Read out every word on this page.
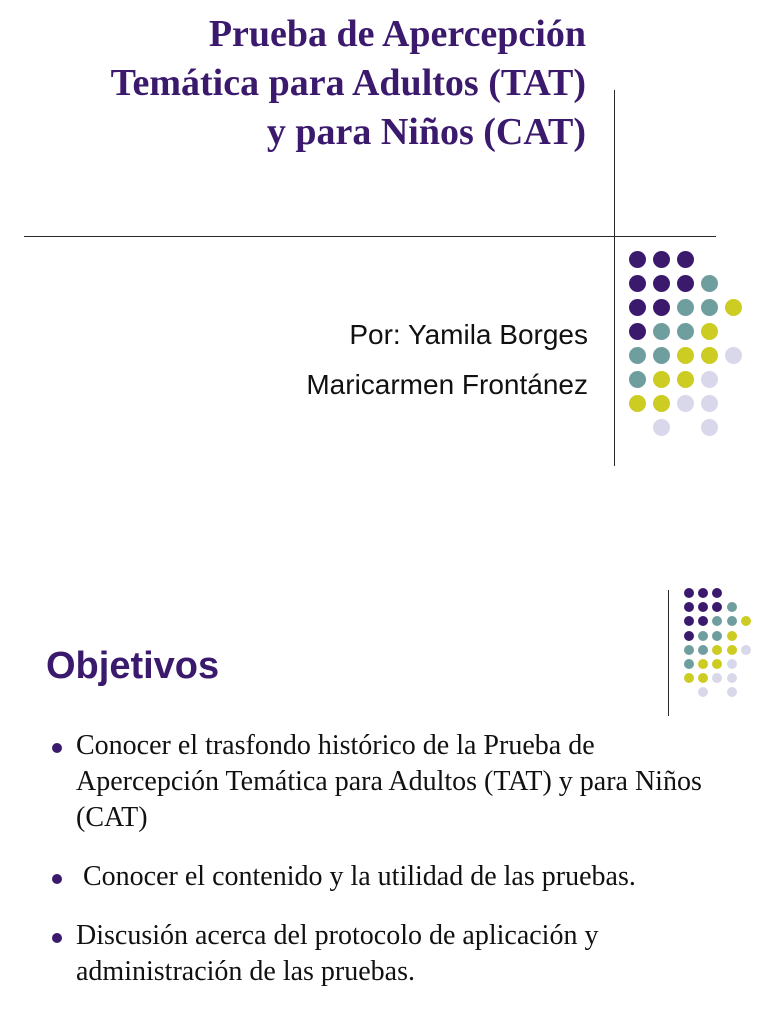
Prueba de Apercepción
Temática para Adultos (TAT)
y para Niños (CAT)
Por: Yamila Borges
Maricarmen Frontánez
Objetivos
Conocer el trasfondo histórico de la Prueba de Apercepción Temática para Adultos (TAT) y para Niños (CAT)
Conocer el contenido y la utilidad de las pruebas.
Discusión acerca del protocolo de aplicación y administración de las pruebas.
